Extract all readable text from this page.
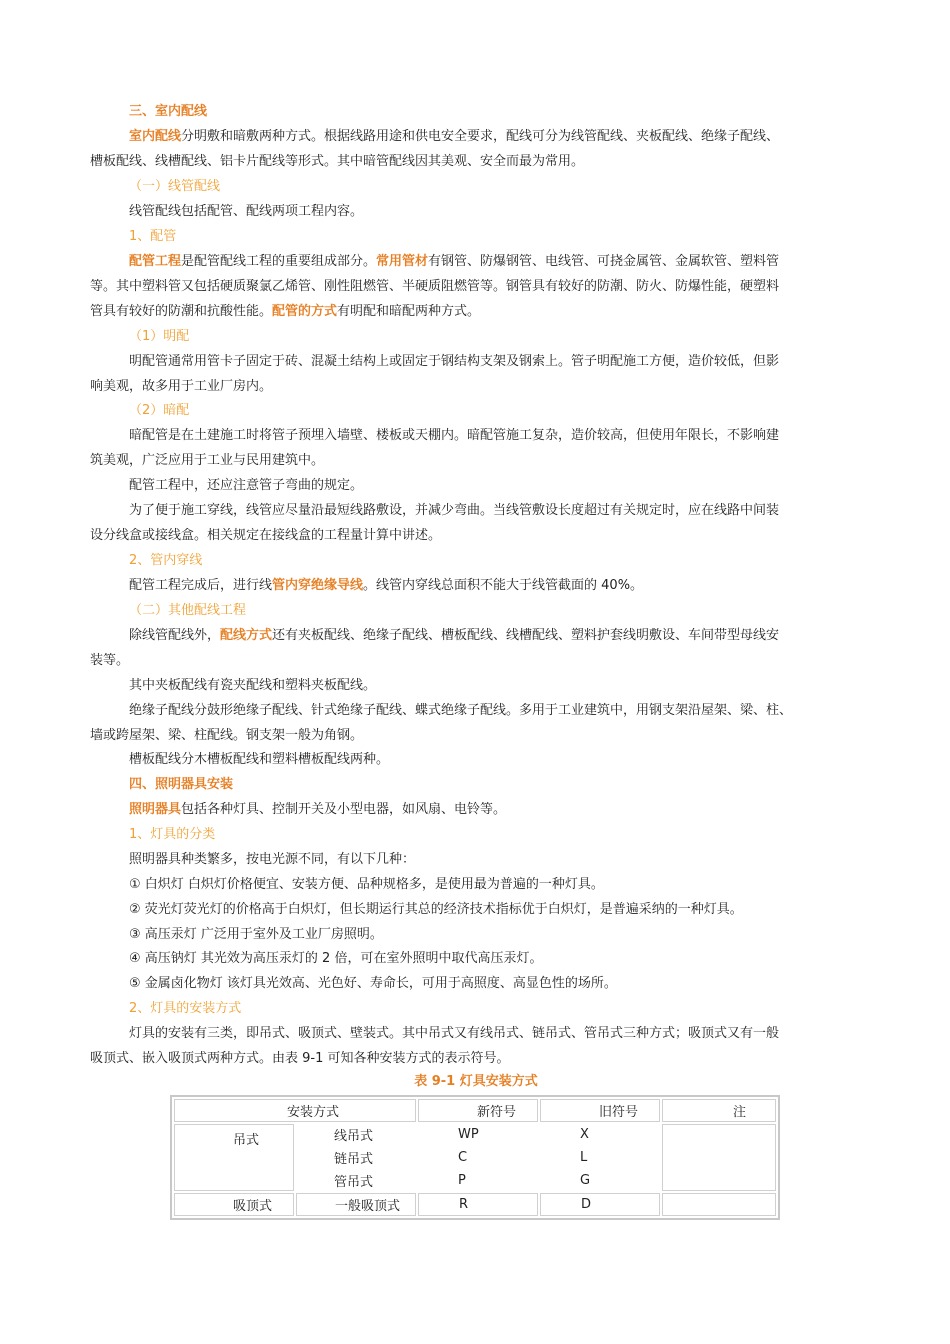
三、室内配线

室内配线分明敷和暗敷两种方式。根据线路用途和供电安全要求，配线可分为线管配线、夹板配线、绝缘子配线、

槽板配线、线槽配线、铝卡片配线等形式。其中暗管配线因其美观、安全而最为常用。

（一）线管配线

线管配线包括配管、配线两项工程内容。

1、配管

配管工程是配管配线工程的重要组成部分。常用管材有钢管、防爆钢管、电线管、可挠金属管、金属软管、塑料管

等。其中塑料管又包括硬质聚氯乙烯管、刚性阻燃管、半硬质阻燃管等。钢管具有较好的防潮、防火、防爆性能，硬塑料

管具有较好的防潮和抗酸性能。配管的方式有明配和暗配两种方式。

（1）明配

明配管通常用管卡子固定于砖、混凝土结构上或固定于钢结构支架及钢索上。管子明配施工方便，造价较低，但影

响美观，故多用于工业厂房内。

（2）暗配

暗配管是在土建施工时将管子预埋入墙壁、楼板或天棚内。暗配管施工复杂，造价较高，但使用年限长，不影响建

筑美观，广泛应用于工业与民用建筑中。

配管工程中，还应注意管子弯曲的规定。

为了便于施工穿线，线管应尽量沿最短线路敷设，并减少弯曲。当线管敷设长度超过有关规定时，应在线路中间装

设分线盒或接线盒。相关规定在接线盒的工程量计算中讲述。

2、管内穿线

配管工程完成后，进行线管内穿绝缘导线。线管内穿线总面积不能大于线管截面的 40%。

（二）其他配线工程

除线管配线外，配线方式还有夹板配线、绝缘子配线、槽板配线、线槽配线、塑料护套线明敷设、车间带型母线安

装等。

其中夹板配线有瓷夹配线和塑料夹板配线。

绝缘子配线分鼓形绝缘子配线、针式绝缘子配线、蝶式绝缘子配线。多用于工业建筑中，用钢支架沿屋架、梁、柱、

墙或跨屋架、梁、柱配线。钢支架一般为角钢。

槽板配线分木槽板配线和塑料槽板配线两种。

四、照明器具安装

照明器具包括各种灯具、控制开关及小型电器，如风扇、电铃等。

1、灯具的分类

照明器具种类繁多，按电光源不同，有以下几种：

① 白炽灯 白炽灯价格便宜、安装方便、品种规格多，是使用最为普遍的一种灯具。

② 荧光灯荧光灯的价格高于白炽灯，但长期运行其总的经济技术指标优于白炽灯，是普遍采纳的一种灯具。

③ 高压汞灯 广泛用于室外及工业厂房照明。

④ 高压钠灯 其光效为高压汞灯的 2 倍，可在室外照明中取代高压汞灯。

⑤ 金属卤化物灯 该灯具光效高、光色好、寿命长，可用于高照度、高显色性的场所。

2、灯具的安装方式

灯具的安装有三类，即吊式、吸顶式、壁装式。其中吊式又有线吊式、链吊式、管吊式三种方式；吸顶式又有一般

吸顶式、嵌入吸顶式两种方式。由表 9-1 可知各种安装方式的表示符号。

表 9-1 灯具安装方式
安装方式		新符号	旧符号	注
吊式	线吊式	WP	X	
	链吊式	C	L	
	管吊式	P	G	
吸顶式	一般吸顶式	R	D	
